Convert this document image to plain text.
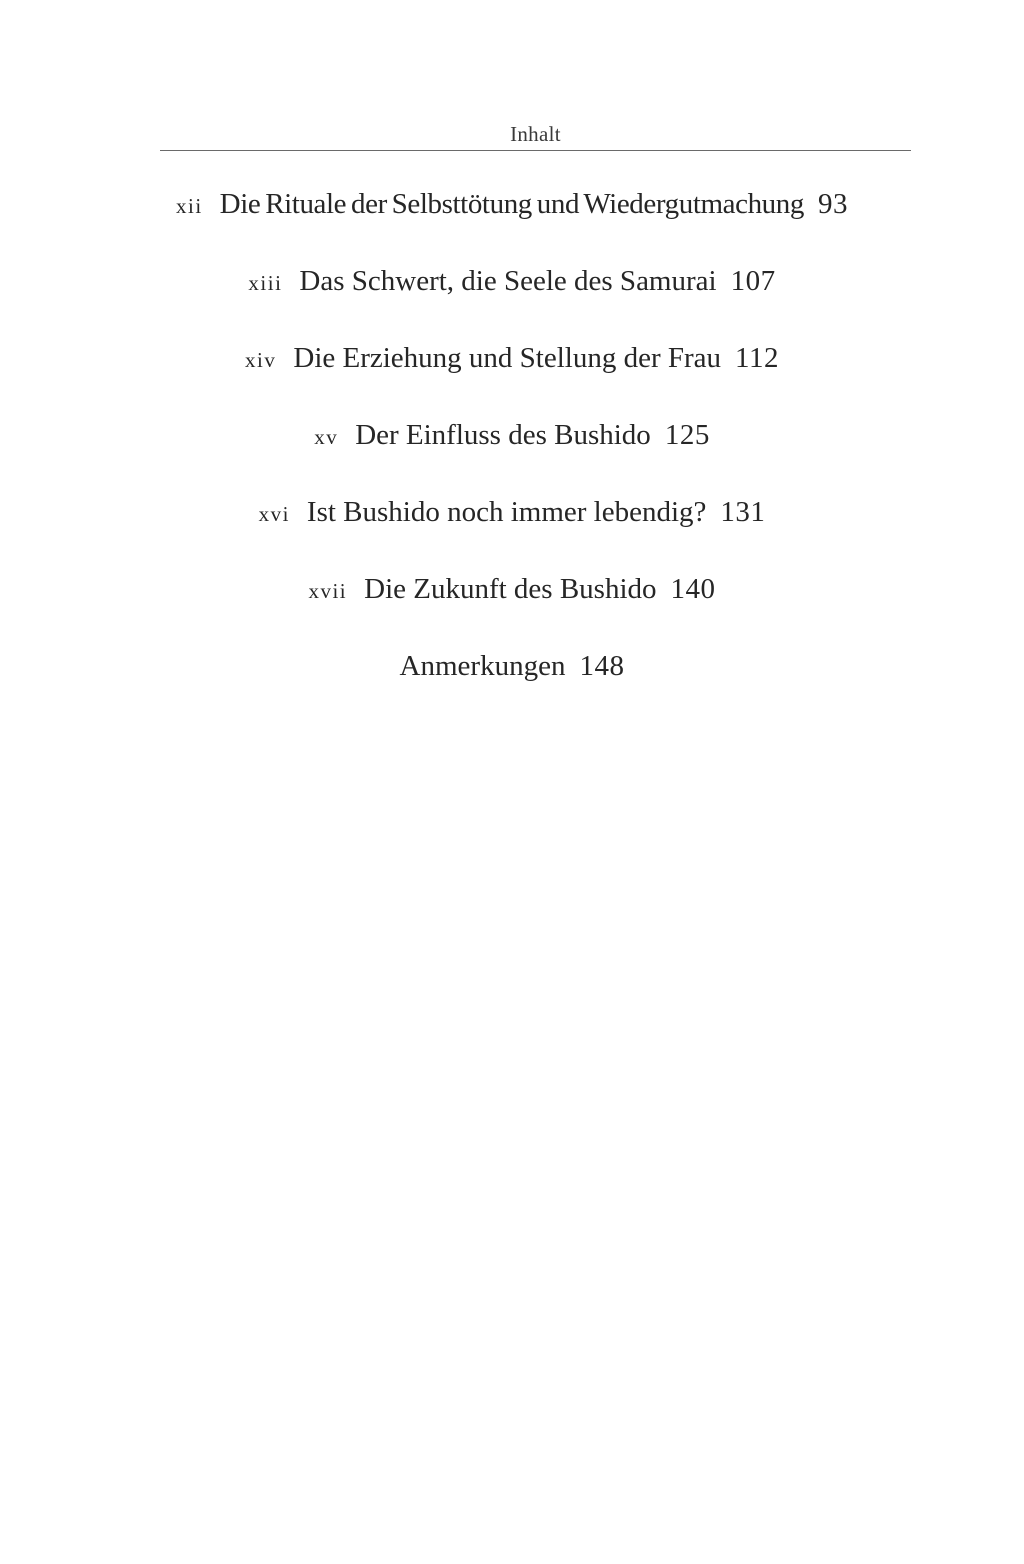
Inhalt
xii Die Rituale der Selbsttötung und Wiedergutmachung 93
xiii Das Schwert, die Seele des Samurai 107
xiv Die Erziehung und Stellung der Frau 112
xv Der Einfluss des Bushido 125
xvi Ist Bushido noch immer lebendig? 131
xvii Die Zukunft des Bushido 140
Anmerkungen 148
